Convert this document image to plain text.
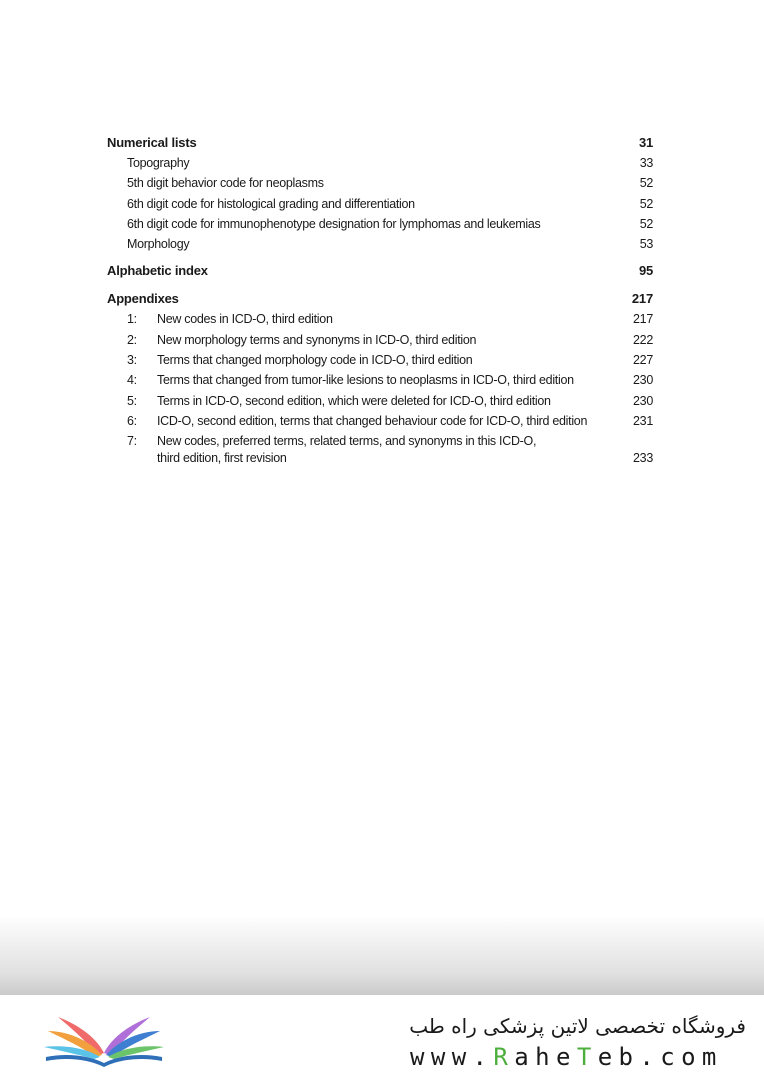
Numerical lists	31
Topography	33
5th digit behavior code for neoplasms	52
6th digit code for histological grading and differentiation	52
6th digit code for immunophenotype designation for lymphomas and leukemias	52
Morphology	53
Alphabetic index	95
Appendixes	217
1:	New codes in ICD-O, third edition	217
2:	New morphology terms and synonyms in ICD-O, third edition	222
3:	Terms that changed morphology code in ICD-O, third edition	227
4:	Terms that changed from tumor-like lesions to neoplasms in ICD-O, third edition	230
5:	Terms in ICD-O, second edition, which were deleted for ICD-O, third edition	230
6:	ICD-O, second edition, terms that changed behaviour code for ICD-O, third edition	231
7:	New codes, preferred terms, related terms, and synonyms in this ICD-O,
third edition, first revision	233
فروشگاه تخصصی لاتین پزشکی راه طب
www.RaheTeb.com
